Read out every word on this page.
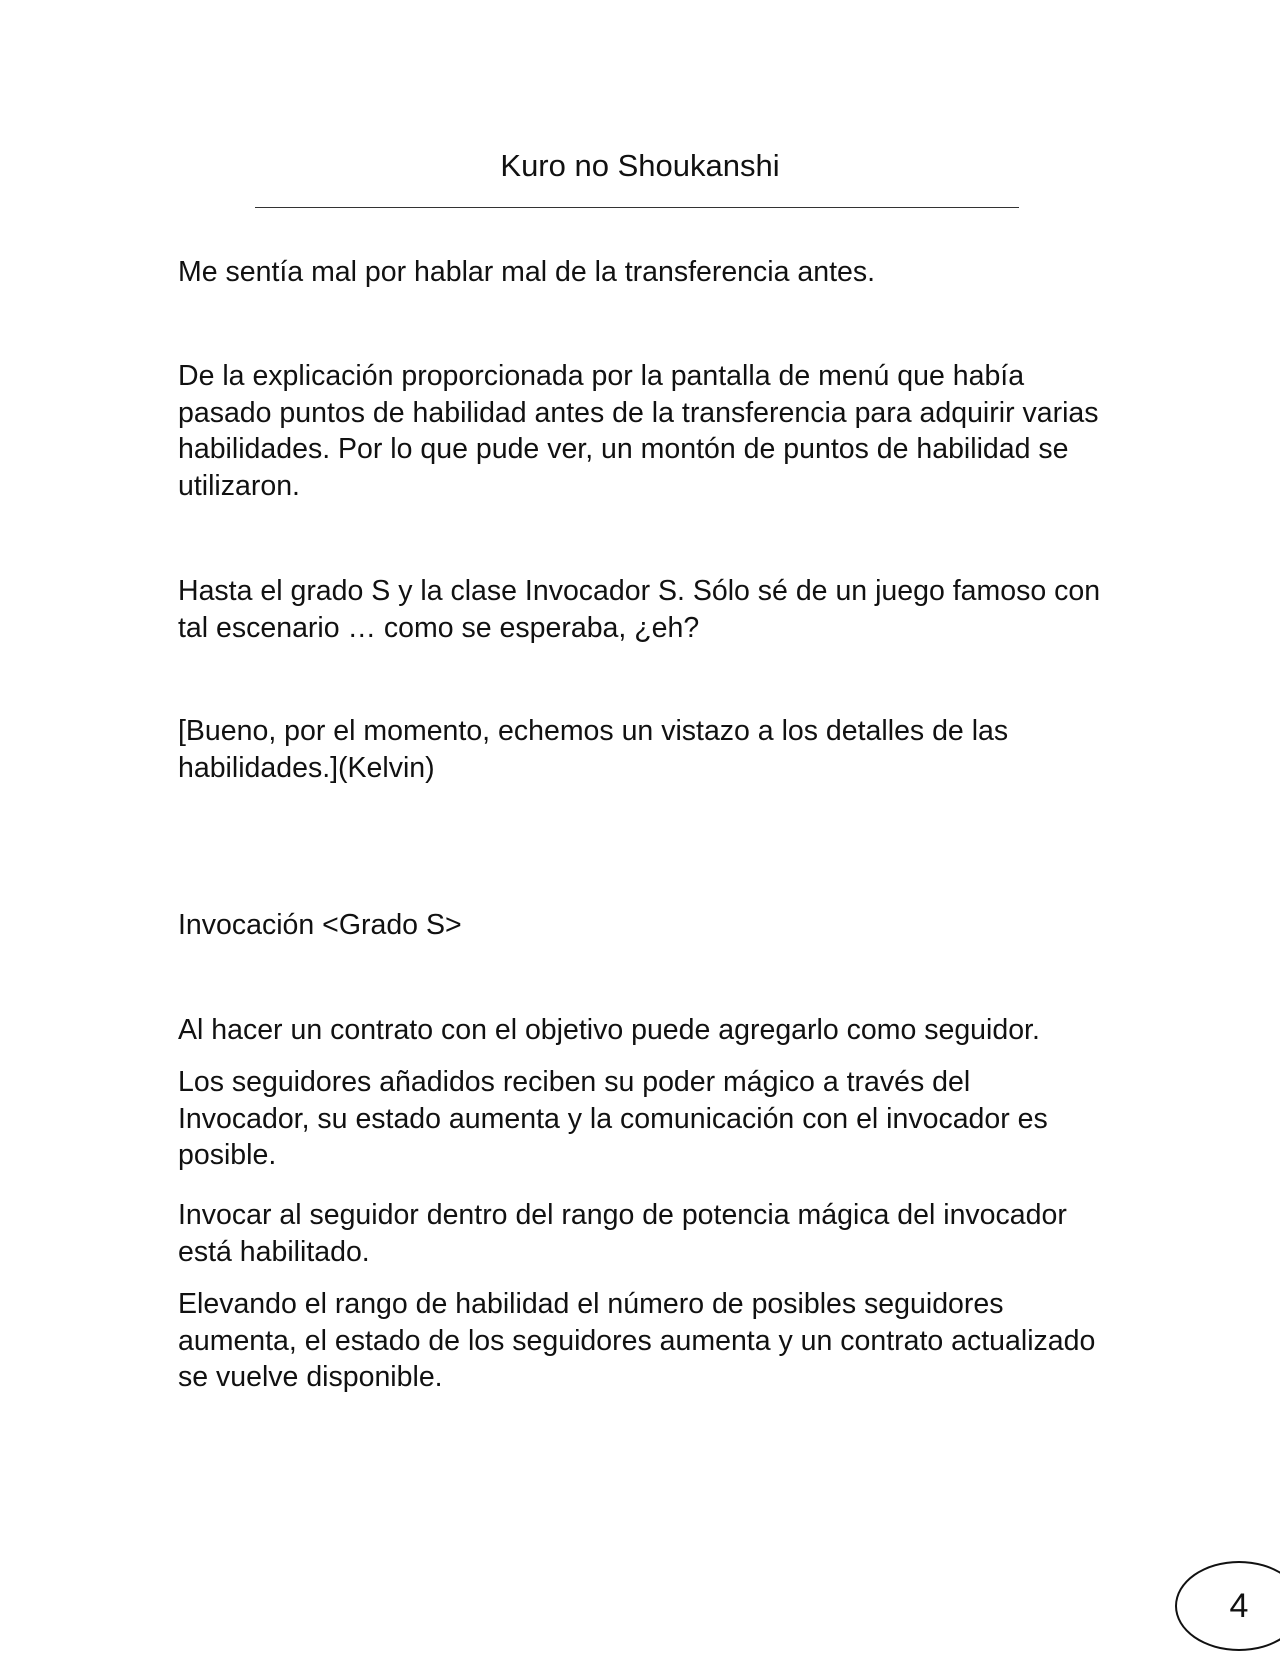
Kuro no Shoukanshi

Me sentía mal por hablar mal de la transferencia antes.

De la explicación proporcionada por la pantalla de menú que había pasado puntos de habilidad antes de la transferencia para adquirir varias habilidades. Por lo que pude ver, un montón de puntos de habilidad se utilizaron.

Hasta el grado S y la clase Invocador S. Sólo sé de un juego famoso con tal escenario … como se esperaba, ¿eh?

[Bueno, por el momento, echemos un vistazo a los detalles de las habilidades.](Kelvin)

Invocación <Grado S>

Al hacer un contrato con el objetivo puede agregarlo como seguidor.

Los seguidores añadidos reciben su poder mágico a través del Invocador, su estado aumenta y la comunicación con el invocador es posible.

Invocar al seguidor dentro del rango de potencia mágica del invocador está habilitado.

Elevando el rango de habilidad el número de posibles seguidores aumenta, el estado de los seguidores aumenta y un contrato actualizado se vuelve disponible.

4
